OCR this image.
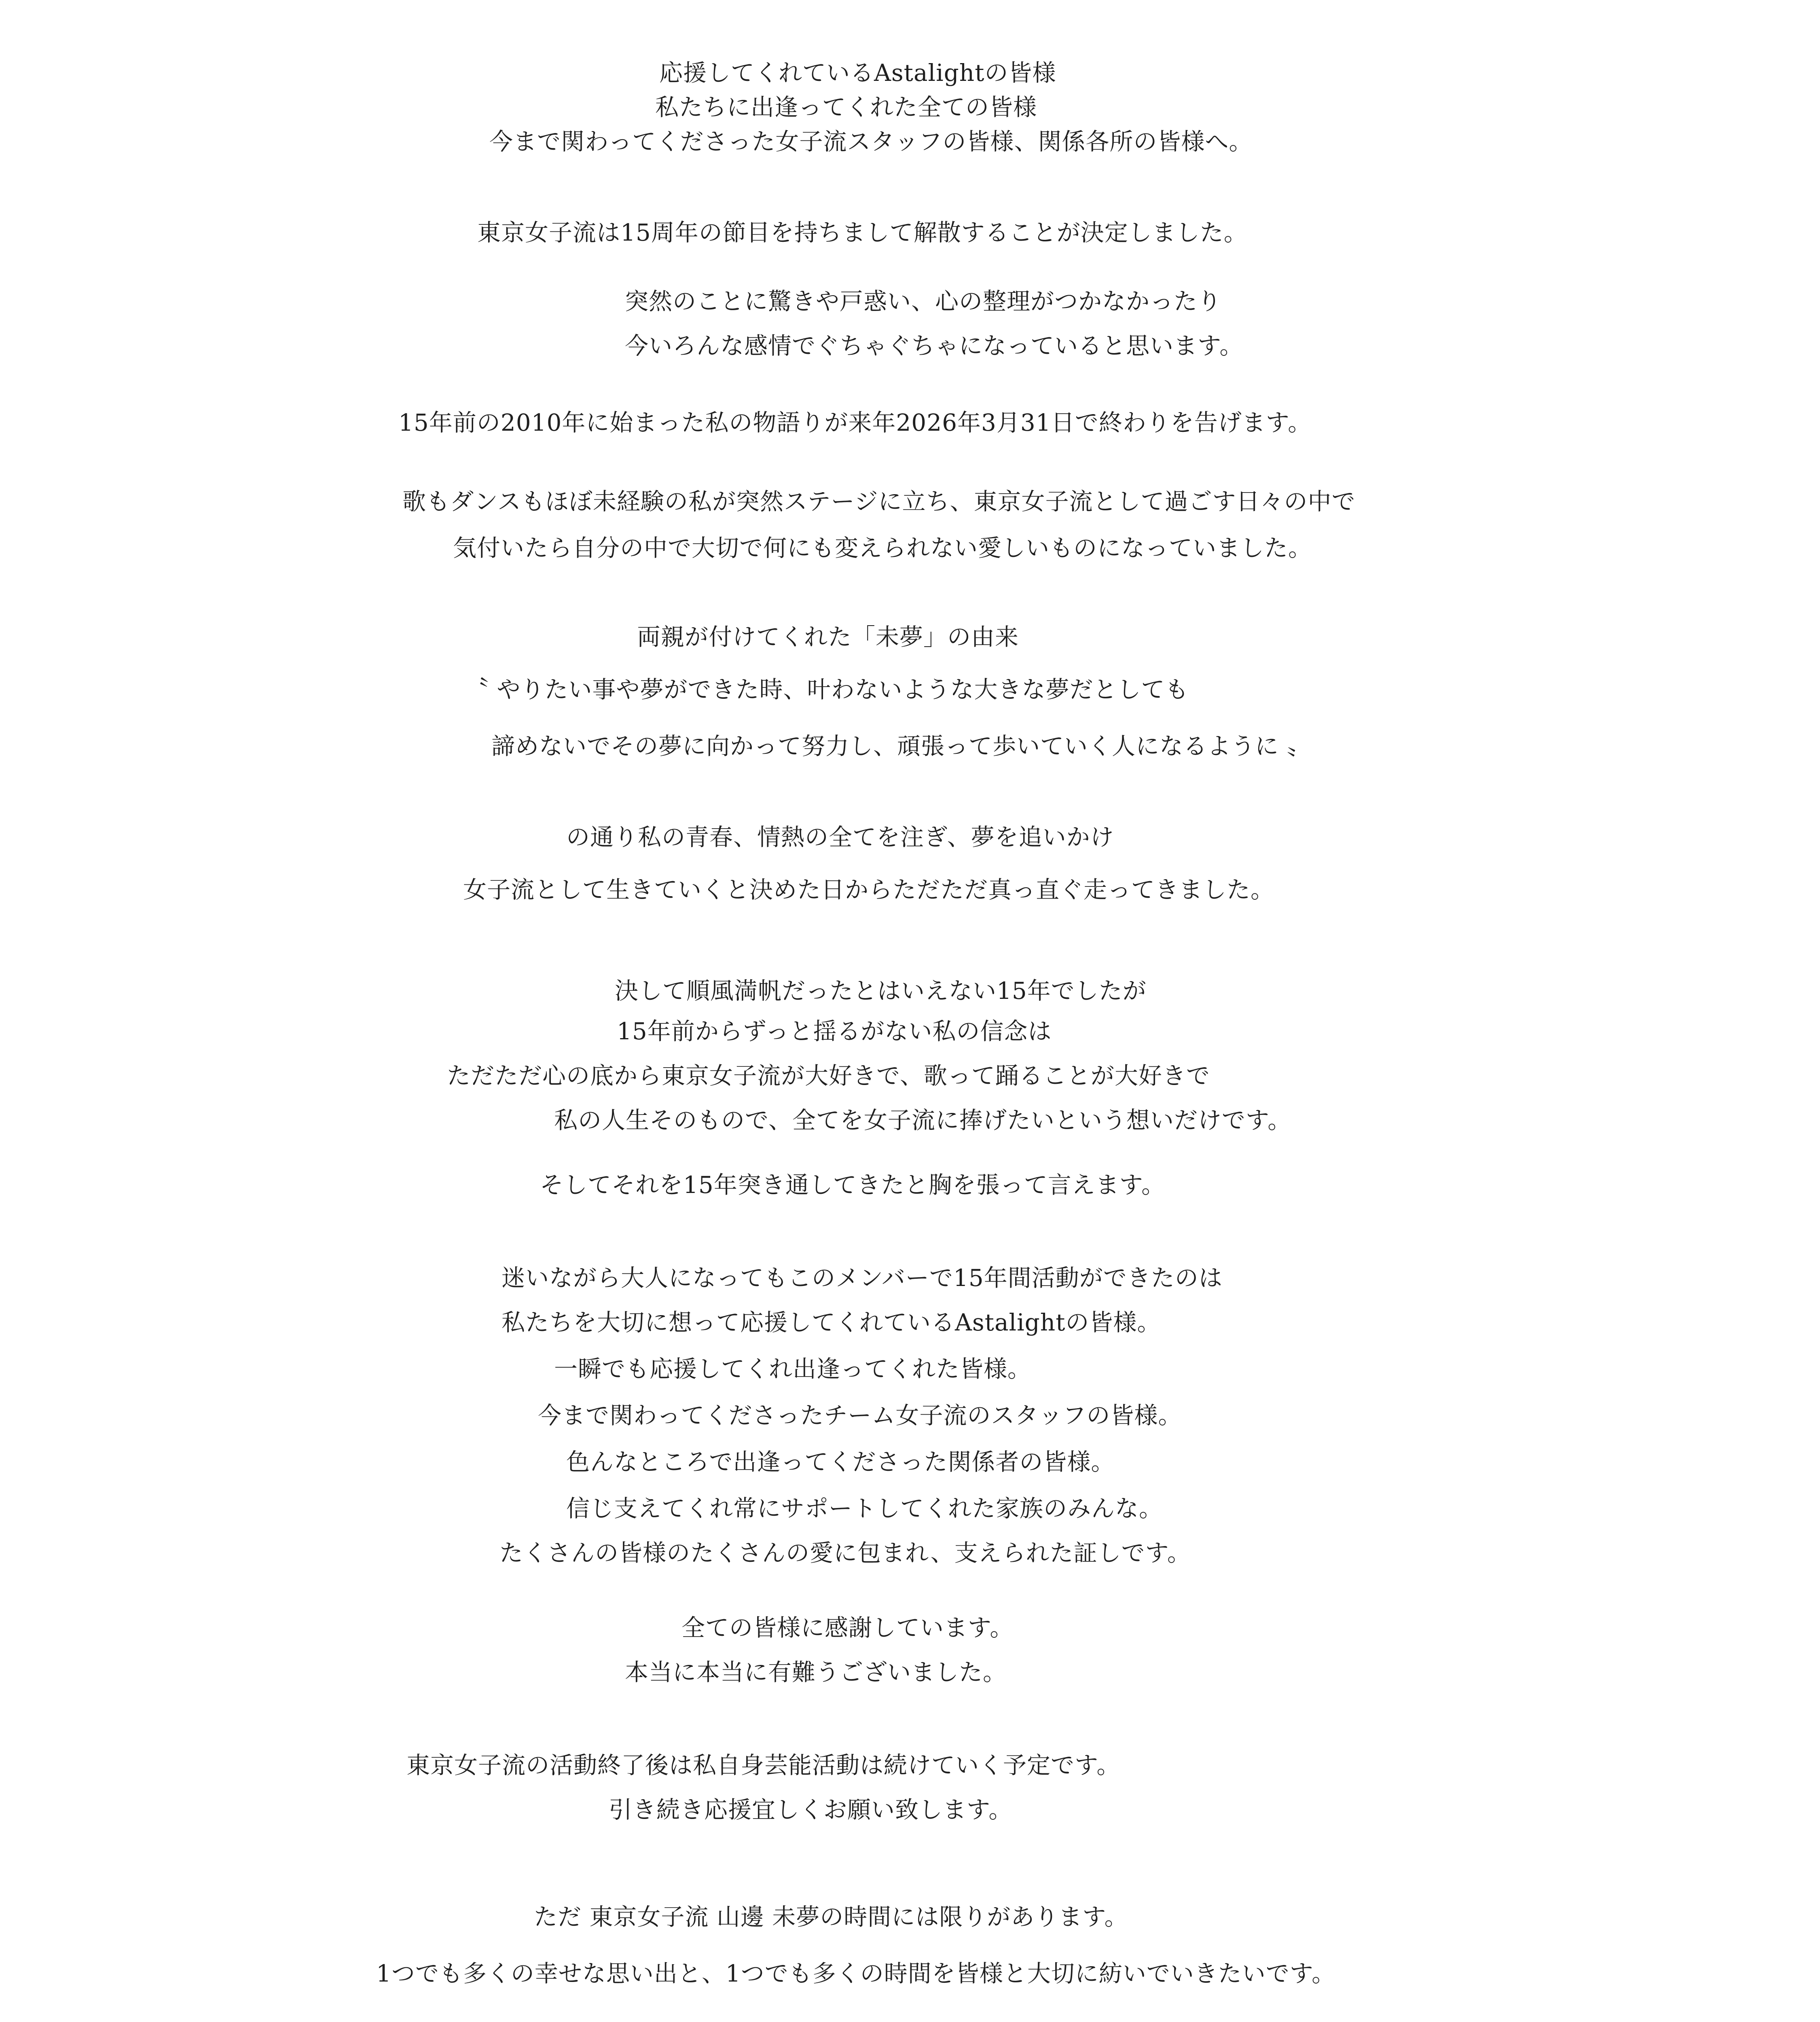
応援してくれているAstalightの皆様
私たちに出逢ってくれた全ての皆様
今まで関わってくださった女子流スタッフの皆様、関係各所の皆様へ。
東京女子流は15周年の節目を持ちまして解散することが決定しました。
突然のことに驚きや戸惑い、心の整理がつかなかったり
今いろんな感情でぐちゃぐちゃになっていると思います。
15年前の2010年に始まった私の物語りが来年2026年3月31日で終わりを告げます。
歌もダンスもほぼ未経験の私が突然ステージに立ち、東京女子流として過ごす日々の中で
気付いたら自分の中で大切で何にも変えられない愛しいものになっていました。
両親が付けてくれた「未夢」の由来
〝 やりたい事や夢ができた時、叶わないような大きな夢だとしても
諦めないでその夢に向かって努力し、頑張って歩いていく人になるように 〟
の通り私の青春、情熱の全てを注ぎ、夢を追いかけ
女子流として生きていくと決めた日からただただ真っ直ぐ走ってきました。
決して順風満帆だったとはいえない15年でしたが
15年前からずっと揺るがない私の信念は
ただただ心の底から東京女子流が大好きで、歌って踊ることが大好きで
私の人生そのもので、全てを女子流に捧げたいという想いだけです。
そしてそれを15年突き通してきたと胸を張って言えます。
迷いながら大人になってもこのメンバーで15年間活動ができたのは
私たちを大切に想って応援してくれているAstalightの皆様。
一瞬でも応援してくれ出逢ってくれた皆様。
今まで関わってくださったチーム女子流のスタッフの皆様。
色んなところで出逢ってくださった関係者の皆様。
信じ支えてくれ常にサポートしてくれた家族のみんな。
たくさんの皆様のたくさんの愛に包まれ、支えられた証しです。
全ての皆様に感謝しています。
本当に本当に有難うございました。
東京女子流の活動終了後は私自身芸能活動は続けていく予定です。
引き続き応援宜しくお願い致します。
ただ 東京女子流 山邊 未夢の時間には限りがあります。
1つでも多くの幸せな思い出と、1つでも多くの時間を皆様と大切に紡いでいきたいです。
